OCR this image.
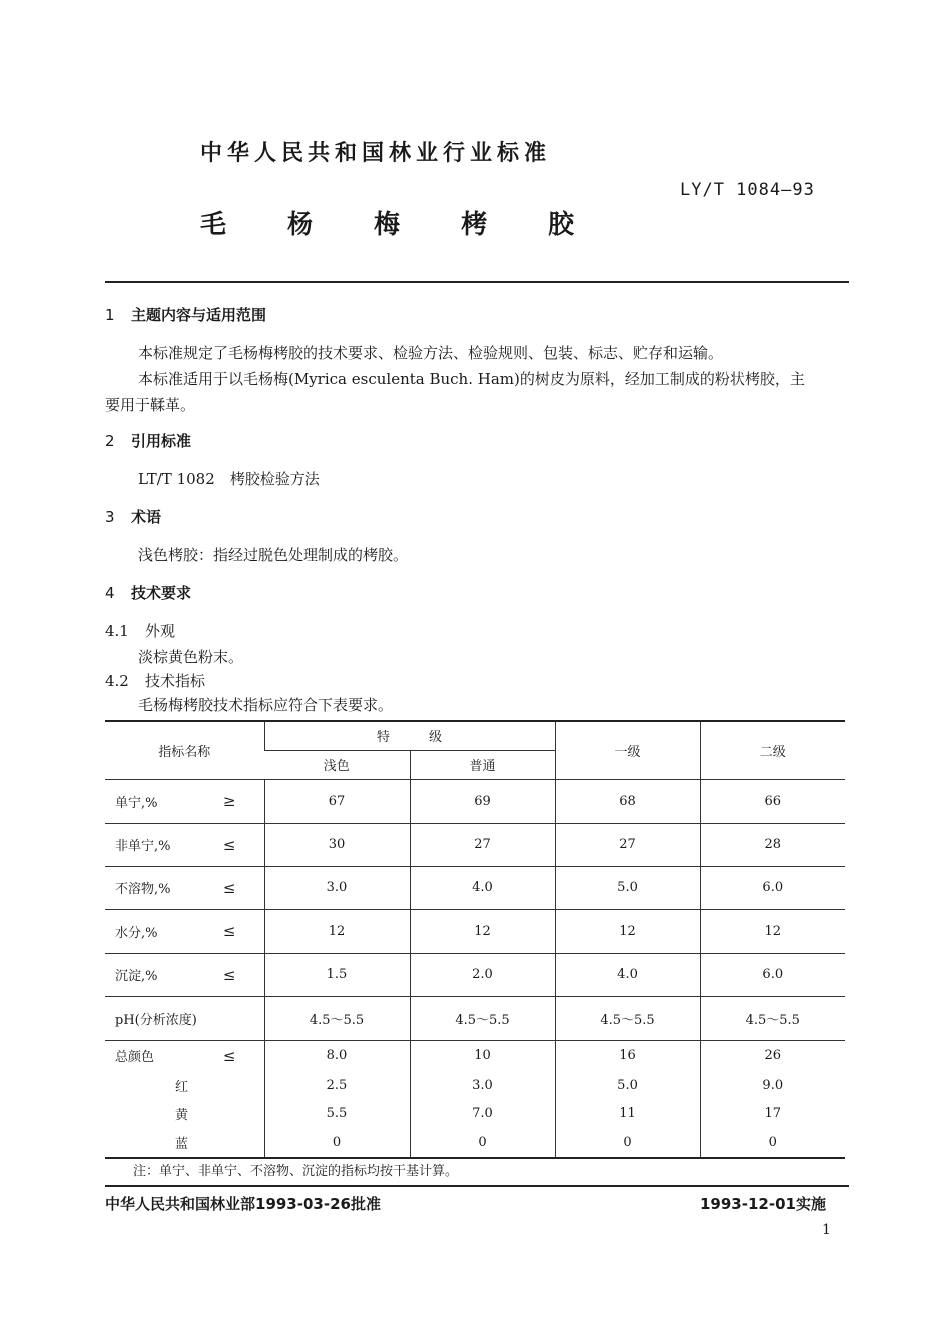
中华人民共和国林业行业标准
LY/T 1084—93
毛杨梅栲胶
1 主题内容与适用范围
本标准规定了毛杨梅栲胶的技术要求、检验方法、检验规则、包装、标志、贮存和运输。
本标准适用于以毛杨梅(Myrica esculenta Buch. Ham)的树皮为原料，经加工制成的粉状栲胶，主
要用于鞣革。
2 引用标准
LT/T 1082　栲胶检验方法
3 术语
浅色栲胶：指经过脱色处理制成的栲胶。
4 技术要求
4.1 外观
淡棕黄色粉末。
4.2 技术指标
毛杨梅栲胶技术指标应符合下表要求。
指标名称	特　　　级		一级	二级
	浅色	普通		
单宁,% ≥	67	69	68	66
非单宁,% ≤	30	27	27	28
不溶物,% ≤	3.0	4.0	5.0	6.0
水分,% ≤	12	12	12	12
沉淀,% ≤	1.5	2.0	4.0	6.0
pH(分析浓度)	4.5～5.5	4.5～5.5	4.5～5.5	4.5～5.5
总颜色 ≤	8.0	10	16	26
红	2.5	3.0	5.0	9.0
黄	5.5	7.0	11	17
蓝	0	0	0	0
注：单宁、非单宁、不溶物、沉淀的指标均按干基计算。
中华人民共和国林业部1993-03-26批准	1993-12-01实施
1
